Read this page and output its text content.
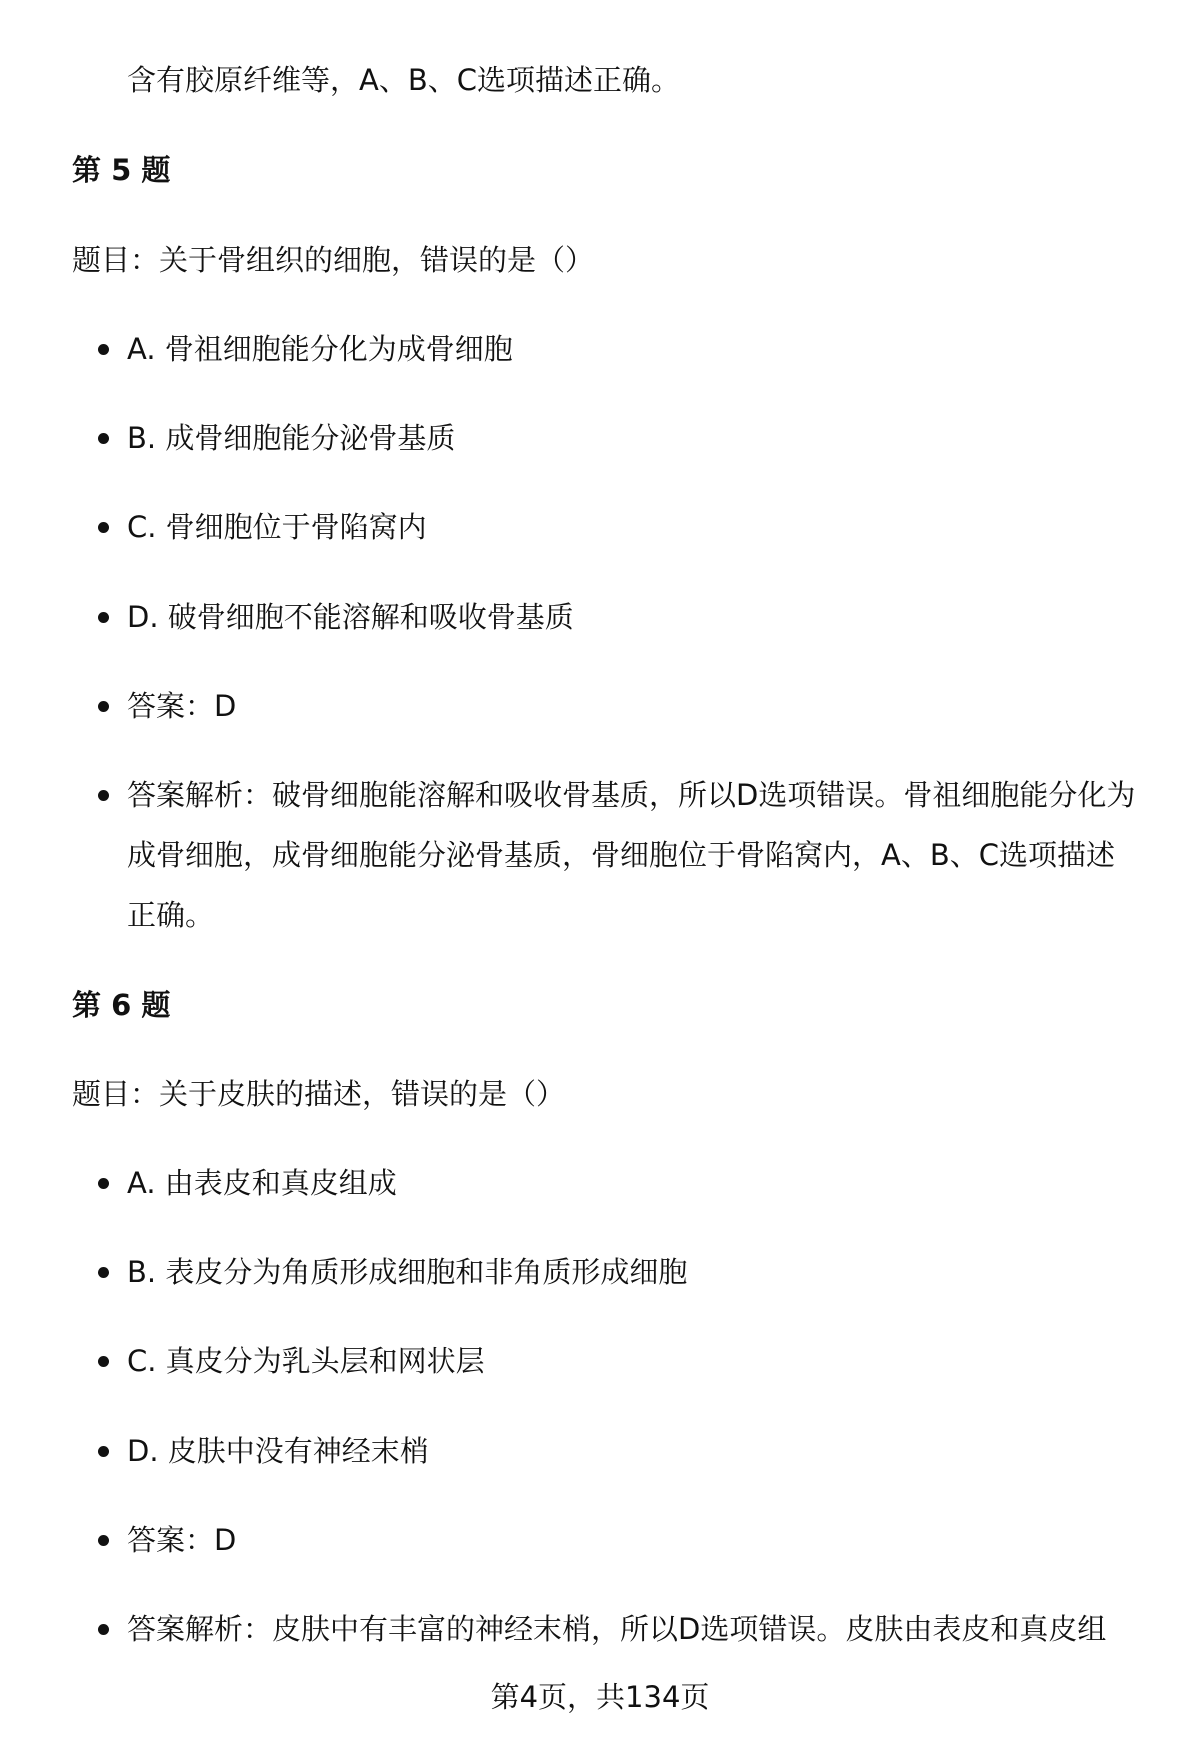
含有胶原纤维等，A、B、C选项描述正确。
第 5 题
题目：关于骨组织的细胞，错误的是（）
A. 骨祖细胞能分化为成骨细胞
B. 成骨细胞能分泌骨基质
C. 骨细胞位于骨陷窝内
D. 破骨细胞不能溶解和吸收骨基质
答案：D
答案解析：破骨细胞能溶解和吸收骨基质，所以D选项错误。骨祖细胞能分化为成骨细胞，成骨细胞能分泌骨基质，骨细胞位于骨陷窝内，A、B、C选项描述正确。
第 6 题
题目：关于皮肤的描述，错误的是（）
A. 由表皮和真皮组成
B. 表皮分为角质形成细胞和非角质形成细胞
C. 真皮分为乳头层和网状层
D. 皮肤中没有神经末梢
答案：D
答案解析：皮肤中有丰富的神经末梢，所以D选项错误。皮肤由表皮和真皮组
第4页，共134页
